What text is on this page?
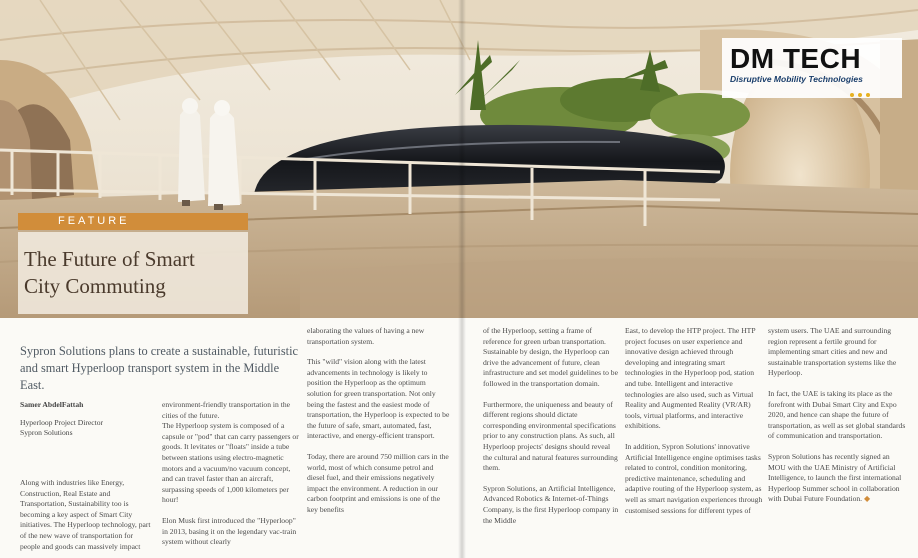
DM TECH
Disruptive Mobility Technologies
FEATURE
The Future of Smart
City Commuting

Sypron Solutions plans to create a sustainable, futuristic and smart Hyperloop transport system in the Middle East.

Samer AbdelFattah
Hyperloop Project Director
Sypron Solutions

Along with industries like Energy, Construction, Real Estate and Transportation, Sustainability too is becoming a key aspect of Smart City initiatives. The Hyperloop technology, part of the new wave of transportation for people and goods can massively impact

environment-friendly transportation in the cities of the future.

The Hyperloop system is composed of a capsule or "pod" that can carry passengers or goods. It levitates or "floats" inside a tube between stations using electro-magnetic motors and a vacuum/no vacuum concept, and can travel faster than an aircraft, surpassing speeds of 1,000 kilometers per hour!

Elon Musk first introduced the "Hyperloop" in 2013, basing it on the legendary vac-train system without clearly

elaborating the values of having a new transportation system.

This "wild" vision along with the latest advancements in technology is likely to position the Hyperloop as the optimum solution for green transportation. Not only being the fastest and the easiest mode of transportation, the Hyperloop is expected to be the future of safe, smart, automated, fast, interactive, and energy-efficient transport.

Today, there are around 750 million cars in the world, most of which consume petrol and diesel fuel, and their emissions negatively impact the environment. A reduction in our carbon footprint and emissions is one of the key benefits

of the Hyperloop, setting a frame of reference for green urban transportation. Sustainable by design, the Hyperloop can drive the advancement of future, clean infrastructure and set model guidelines to be followed in the transportation domain.

Furthermore, the uniqueness and beauty of different regions should dictate corresponding environmental specifications prior to any construction plans. As such, all Hyperloop projects' designs should reveal the cultural and natural features surrounding them.

Sypron Solutions, an Artificial Intelligence, Advanced Robotics & Internet-of-Things Company, is the first Hyperloop company in the Middle

East, to develop the HTP project. The HTP project focuses on user experience and innovative design achieved through developing and integrating smart technologies in the Hyperloop pod, station and tube. Intelligent and interactive technologies are also used, such as Virtual Reality and Augmented Reality (VR/AR) tools, virtual platforms, and interactive exhibitions.

In addition, Sypron Solutions' innovative Artificial Intelligence engine optimises tasks related to control, condition monitoring, predictive maintenance, scheduling and adaptive routing of the Hyperloop system, as well as smart navigation experiences through customised sessions for different types of

system users. The UAE and surrounding region represent a fertile ground for implementing smart cities and new and sustainable transportation systems like the Hyperloop.

In fact, the UAE is taking its place as the forefront with Dubai Smart City and Expo 2020, and hence can shape the future of transportation, as well as set global standards of communication and transportation.

Sypron Solutions has recently signed an MOU with the UAE Ministry of Artificial Intelligence, to launch the first international Hyperloop Summer school in collaboration with Dubai Future Foundation. ◆
